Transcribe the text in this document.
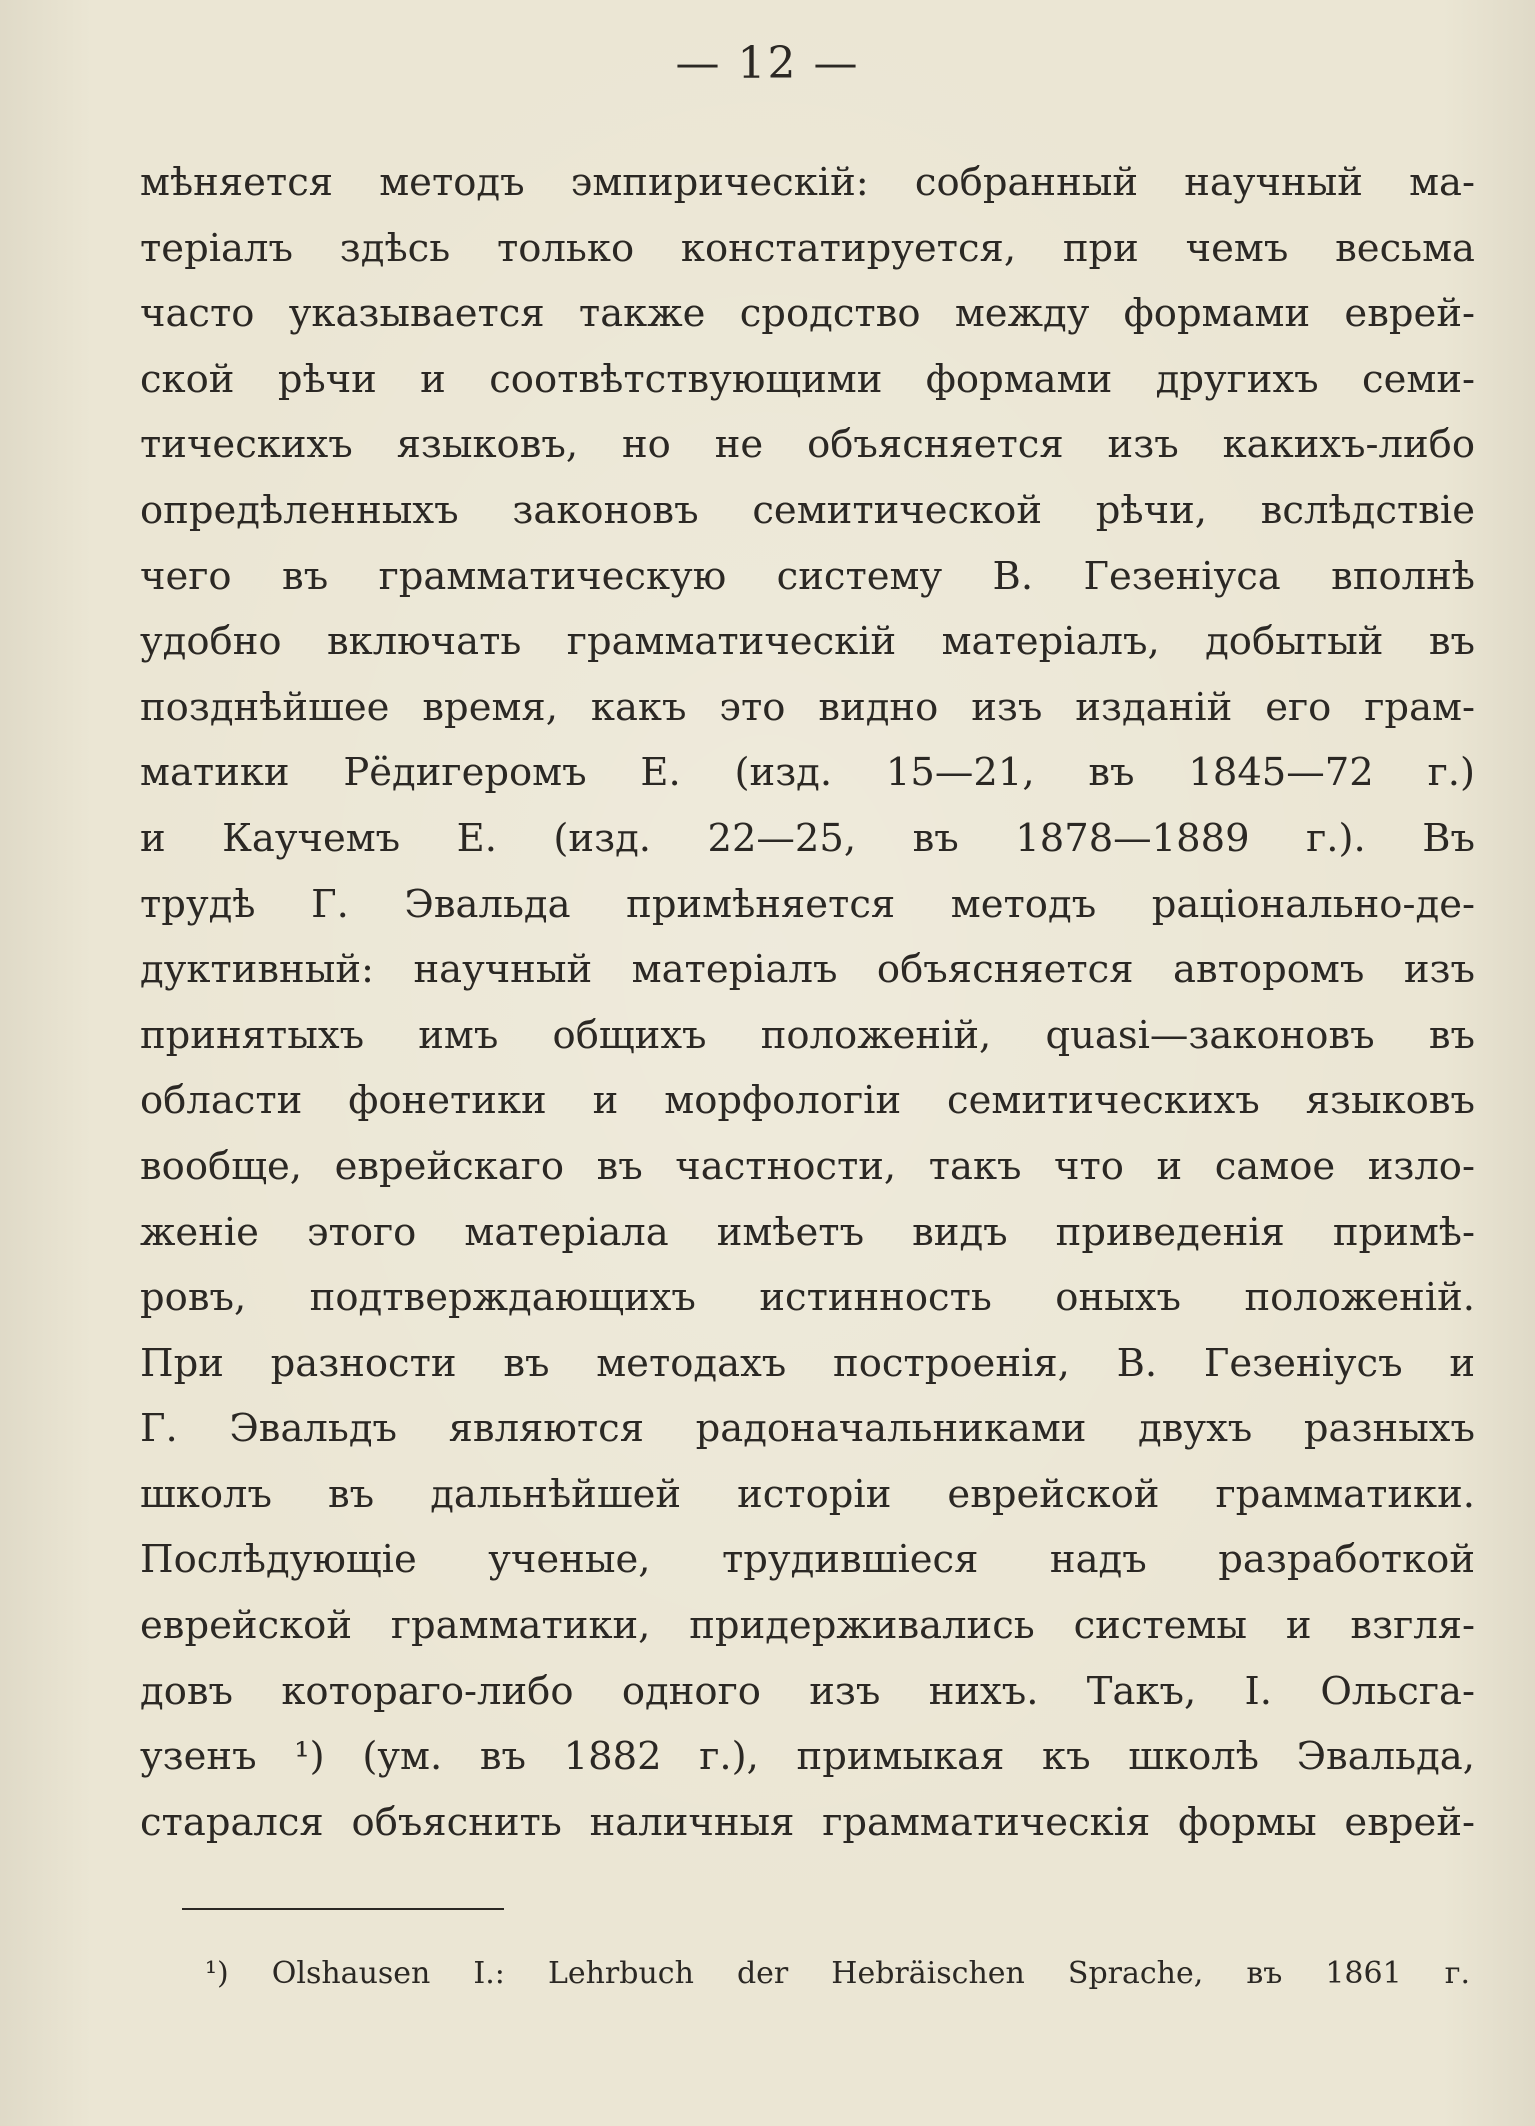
— 12 —
мѣняется методъ эмпирическій: собранный научный ма-
теріалъ здѣсь только констатируется, при чемъ весьма
часто указывается также сродство между формами еврей-
ской рѣчи и соотвѣтствующими формами другихъ семи-
тическихъ языковъ, но не объясняется изъ какихъ-либо
опредѣленныхъ законовъ семитической рѣчи, вслѣдствіе
чего въ грамматическую систему В. Гезеніуса вполнѣ
удобно включать грамматическій матеріалъ, добытый въ
позднѣйшее время, какъ это видно изъ изданій его грам-
матики Рёдигеромъ Е. (изд. 15—21, въ 1845—72 г.)
и Каучемъ Е. (изд. 22—25, въ 1878—1889 г.). Въ
трудѣ Г. Эвальда примѣняется методъ раціонально-де-
дуктивный: научный матеріалъ объясняется авторомъ изъ
принятыхъ имъ общихъ положеній, quasi—законовъ въ
области фонетики и морфологіи семитическихъ языковъ
вообще, еврейскаго въ частности, такъ что и самое изло-
женіе этого матеріала имѣетъ видъ приведенія примѣ-
ровъ, подтверждающихъ истинность оныхъ положеній.
При разности въ методахъ построенія, В. Гезеніусъ и
Г. Эвальдъ являются радоначальниками двухъ разныхъ
школъ въ дальнѣйшей исторіи еврейской грамматики.
Послѣдующіе ученые, трудившіеся надъ разработкой
еврейской грамматики, придерживались системы и взгля-
довъ котораго-либо одного изъ нихъ. Такъ, І. Ольсга-
узенъ ¹) (ум. въ 1882 г.), примыкая къ школѣ Эвальда,
старался объяснить наличныя грамматическія формы еврей-
¹) Olshausen I.: Lehrbuch der Hebräischen Sprache, въ 1861 г.
